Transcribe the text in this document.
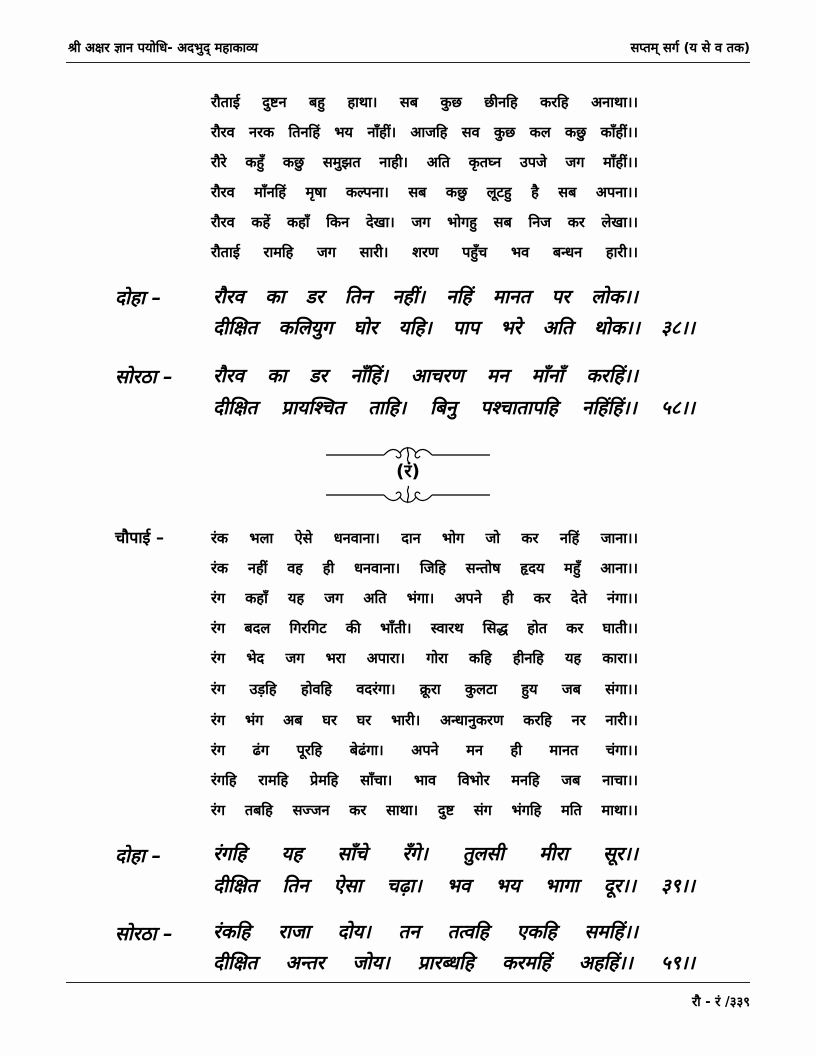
श्री अक्षर ज्ञान पयोधि- अदभुद् महाकाव्य	सप्तम् सर्ग (य से व तक)
रौताई दुष्टन बहु हाथा। सब कुछ छीनहि करहि अनाथा।।
रौरव नरक तिनहिं भय नाँहीं। आजहि सव कुछ कल कछु काँहीं।।
रौरे कहुँ कछु समुझत नाही। अति कृतघ्न उपजे जग माँहीं।।
रौरव माँनहिं मृषा कल्पना। सब कछु लूटहु है सब अपना।।
रौरव कहें कहाँ किन देखा। जग भोगहु सब निज कर लेखा।।
रौताई रामहि जग सारी। शरण पहुँच भव बन्धन हारी।।
दोहा –	रौरव का डर तिन नहीं। नहिं मानत पर लोक।।
दीक्षित कलियुग घोर यहि। पाप भरे अति थोक।। ३८।।
सोरठा – रौरव का डर नाँहिं। आचरण मन माँनाँ करहिं।।
दीक्षित प्रायश्चित ताहि। बिनु पश्चातापहि नहिंहिं।। ५८।।
(रं)
चौपाई –	रंक भला ऐसे धनवाना। दान भोग जो कर नहिं जाना।।
रंक नहीं वह ही धनवाना। जिहि सन्तोष हृदय महुँ आना।।
रंग कहाँ यह जग अति भंगा। अपने ही कर देते नंगा।।
रंग बदल गिरगिट की भाँती। स्वारथ सिद्ध होत कर घाती।।
रंग भेद जग भरा अपारा। गोरा कहि हीनहि यह कारा।।
रंग उड़हि होवहि वदरंगा। क्रूरा कुलटा हुय जब संगा।।
रंग भंग अब घर घर भारी। अन्धानुकरण करहि नर नारी।।
रंग ढंग पूरहि बेढंगा। अपने मन ही मानत चंगा।।
रंगहि रामहि प्रेमहि साँचा। भाव विभोर मनहि जब नाचा।।
रंग तबहि सज्जन कर साथा। दुष्ट संग भंगहि मति माथा।।
दोहा –	रंगहि यह साँचे रँगे। तुलसी मीरा सूर।।
दीक्षित तिन ऐसा चढ़ा। भव भय भागा दूर।। ३९।।
सोरठा – रंकहि राजा दोय। तन तत्वहि एकहि समहिं।।
दीक्षित अन्तर जोय। प्रारब्धहि करमहिं अहहिं।। ५९।।
रौ - रं /३३९
